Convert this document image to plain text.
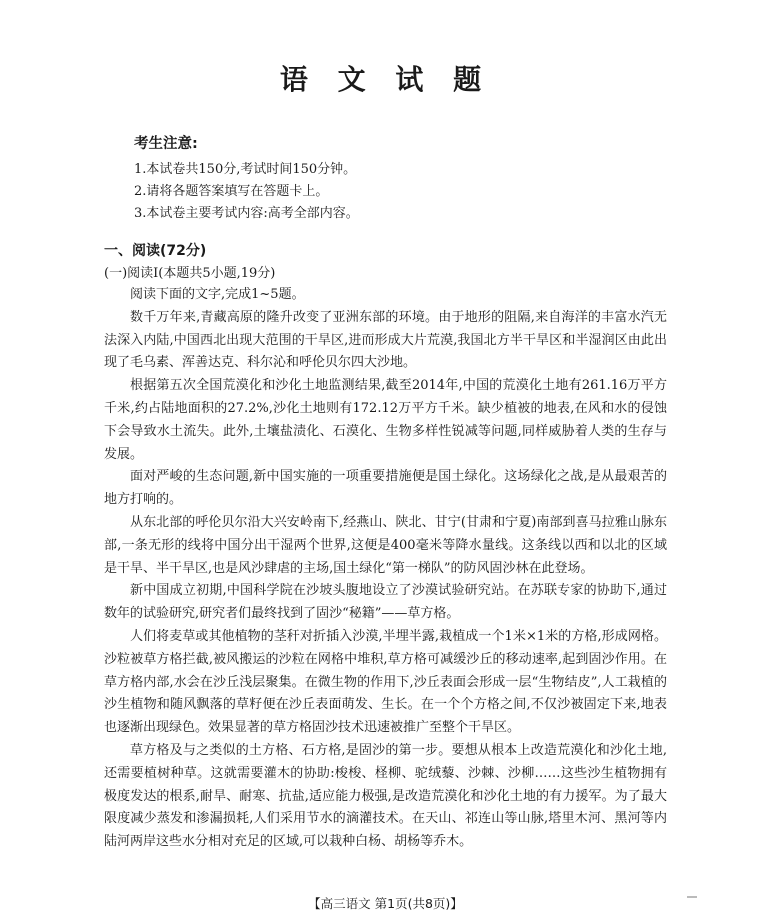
语 文 试 题
考生注意:
1.本试卷共150分,考试时间150分钟。
2.请将各题答案填写在答题卡上。
3.本试卷主要考试内容:高考全部内容。
一、阅读(72分)
(一)阅读Ⅰ(本题共5小题,19分)

阅读下面的文字,完成1~5题。

数千万年来,青藏高原的隆升改变了亚洲东部的环境。由于地形的阻隔,来自海洋的丰富水汽无法深入内陆,中国西北出现大范围的干旱区,进而形成大片荒漠,我国北方半干旱区和半湿润区由此出现了毛乌素、浑善达克、科尔沁和呼伦贝尔四大沙地。

根据第五次全国荒漠化和沙化土地监测结果,截至2014年,中国的荒漠化土地有261.16万平方千米,约占陆地面积的27.2%,沙化土地则有172.12万平方千米。缺少植被的地表,在风和水的侵蚀下会导致水土流失。此外,土壤盐渍化、石漠化、生物多样性锐减等问题,同样威胁着人类的生存与发展。

面对严峻的生态问题,新中国实施的一项重要措施便是国土绿化。这场绿化之战,是从最艰苦的地方打响的。

从东北部的呼伦贝尔沿大兴安岭南下,经燕山、陕北、甘宁(甘肃和宁夏)南部到喜马拉雅山脉东部,一条无形的线将中国分出干湿两个世界,这便是400毫米等降水量线。这条线以西和以北的区域是干旱、半干旱区,也是风沙肆虐的主场,国土绿化“第一梯队”的防风固沙林在此登场。

新中国成立初期,中国科学院在沙坡头腹地设立了沙漠试验研究站。在苏联专家的协助下,通过数年的试验研究,研究者们最终找到了固沙“秘籍”——草方格。

人们将麦草或其他植物的茎秆对折插入沙漠,半埋半露,栽植成一个1米×1米的方格,形成网格。沙粒被草方格拦截,被风搬运的沙粒在网格中堆积,草方格可减缓沙丘的移动速率,起到固沙作用。在草方格内部,水会在沙丘浅层聚集。在微生物的作用下,沙丘表面会形成一层“生物结皮”,人工栽植的沙生植物和随风飘落的草籽便在沙丘表面萌发、生长。在一个个方格之间,不仅沙被固定下来,地表也逐渐出现绿色。效果显著的草方格固沙技术迅速被推广至整个干旱区。

草方格及与之类似的土方格、石方格,是固沙的第一步。要想从根本上改造荒漠化和沙化土地,还需要植树种草。这就需要灌木的协助:梭梭、柽柳、驼绒藜、沙棘、沙柳……这些沙生植物拥有极度发达的根系,耐旱、耐寒、抗盐,适应能力极强,是改造荒漠化和沙化土地的有力援军。为了最大限度减少蒸发和渗漏损耗,人们采用节水的滴灌技术。在天山、祁连山等山脉,塔里木河、黑河等内陆河两岸这些水分相对充足的区域,可以栽种白杨、胡杨等乔木。

【高三语文 第1页(共8页)】
